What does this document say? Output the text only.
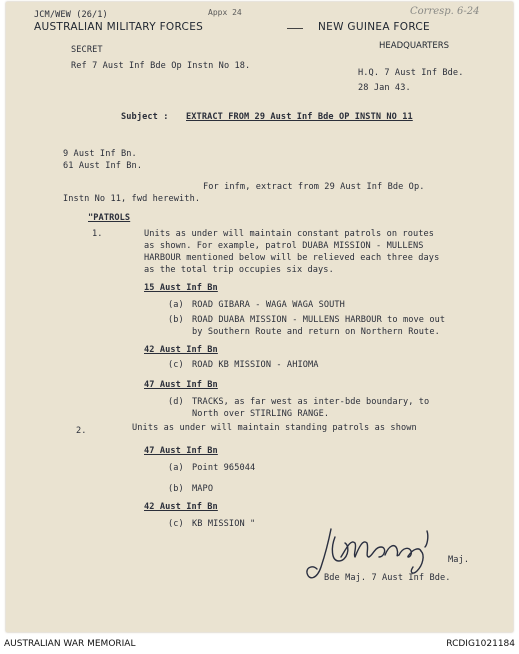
JCM/WEW (26/1)	Appx 24	Corresp. 6-24
AUSTRALIAN MILITARY FORCES	NEW GUINEA FORCE
HEADQUARTERS
SECRET
Ref 7 Aust Inf Bde Op Instn No 18.
H.Q. 7 Aust Inf Bde.
28 Jan 43.
Subject : EXTRACT FROM 29 Aust Inf Bde OP INSTN NO 11
9 Aust Inf Bn.
61 Aust Inf Bn.
For infm, extract from 29 Aust Inf Bde Op.
Instn No 11, fwd herewith.
"PATROLS
1.	Units as under will maintain constant patrols on routes
as shown. For example, patrol DUABA MISSION - MULLENS
HARBOUR mentioned below will be relieved each three days
as the total trip occupies six days.
15 Aust Inf Bn
(a) ROAD GIBARA - WAGA WAGA SOUTH
(b) ROAD DUABA MISSION - MULLENS HARBOUR to move out
by Southern Route and return on Northern Route.
42 Aust Inf Bn
(c) ROAD KB MISSION - AHIOMA
47 Aust Inf Bn
(d) TRACKS, as far west as inter-bde boundary, to
North over STIRLING RANGE.
2.	Units as under will maintain standing patrols as shown
47 Aust Inf Bn
(a) Point 965044
(b) MAPO
42 Aust Inf Bn
(c) KB MISSION "
Maj.
Bde Maj. 7 Aust Inf Bde.
AUSTRALIAN WAR MEMORIAL	RCDIG1021184
